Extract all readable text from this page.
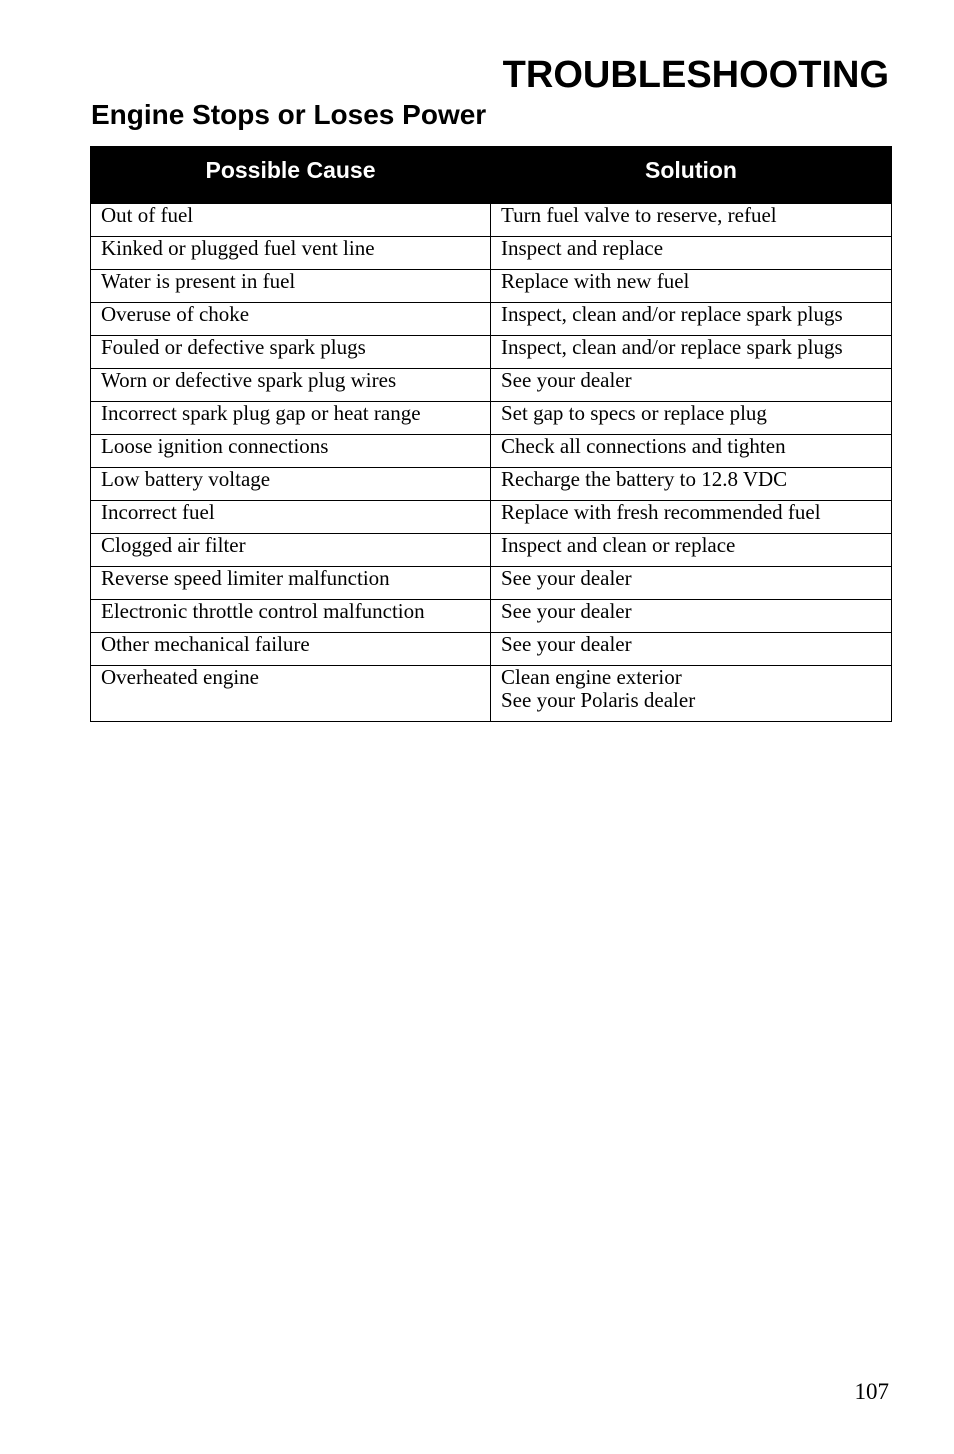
TROUBLESHOOTING
Engine Stops or Loses Power
Possible Cause	Solution
Out of fuel	Turn fuel valve to reserve, refuel
Kinked or plugged fuel vent line	Inspect and replace
Water is present in fuel	Replace with new fuel
Overuse of choke	Inspect, clean and/or replace spark plugs
Fouled or defective spark plugs	Inspect, clean and/or replace spark plugs
Worn or defective spark plug wires	See your dealer
Incorrect spark plug gap or heat range	Set gap to specs or replace plug
Loose ignition connections	Check all connections and tighten
Low battery voltage	Recharge the battery to 12.8 VDC
Incorrect fuel	Replace with fresh recommended fuel
Clogged air filter	Inspect and clean or replace
Reverse speed limiter malfunction	See your dealer
Electronic throttle control malfunction	See your dealer
Other mechanical failure	See your dealer
Overheated engine	Clean engine exterior
See your Polaris dealer
107
